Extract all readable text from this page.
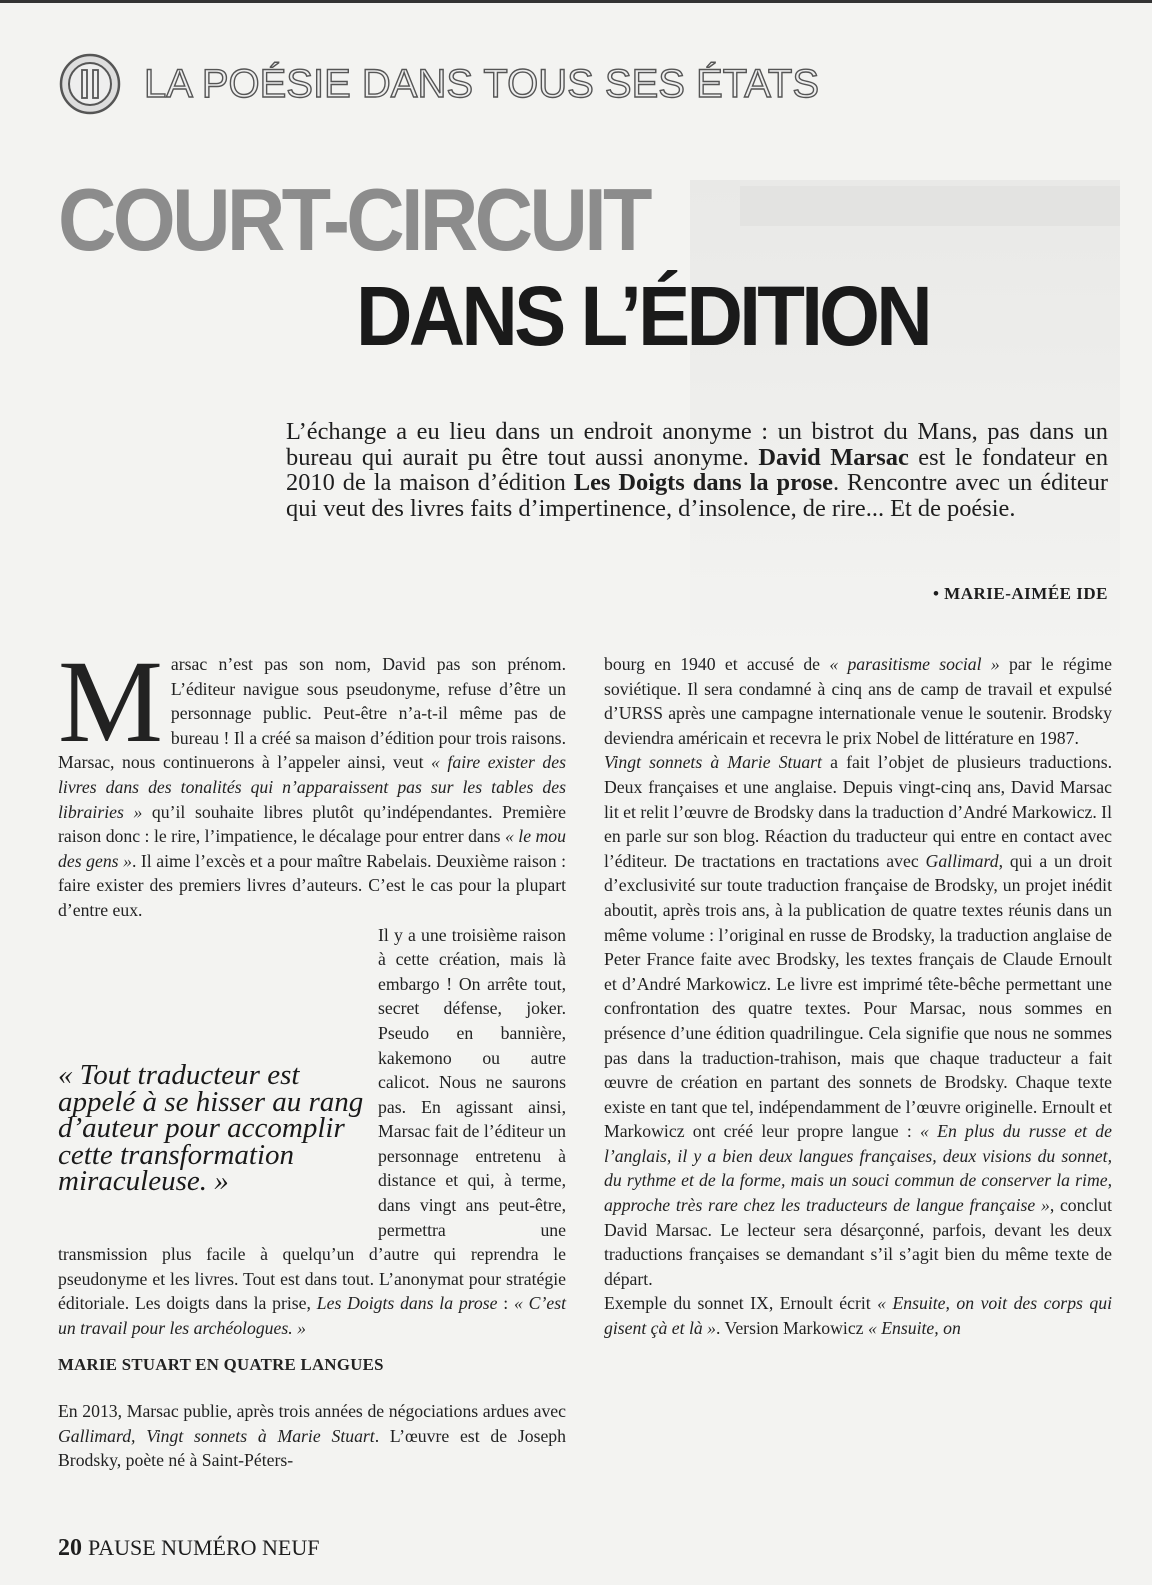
LA POÉSIE DANS TOUS SES ÉTATS
COURT-CIRCUIT
DANS L’ÉDITION
L’échange a eu lieu dans un endroit anonyme : un bistrot du Mans, pas dans un bureau qui aurait pu être tout aussi anonyme. David Marsac est le fondateur en 2010 de la maison d’édition Les Doigts dans la prose. Rencontre avec un éditeur qui veut des livres faits d’impertinence, d’insolence, de rire... Et de poésie.
• MARIE-AIMÉE IDE

Marsac n’est pas son nom, David pas son prénom. L’éditeur navigue sous pseudonyme, refuse d’être un personnage public. Peut-être n’a-t-il même pas de bureau ! Il a créé sa maison d’édition pour trois raisons. Marsac, nous continuerons à l’appeler ainsi, veut « faire exister des livres dans des tonalités qui n’apparaissent pas sur les tables des librairies » qu’il souhaite libres plutôt qu’indépendantes. Première raison donc : le rire, l’impatience, le décalage pour entrer dans « le mou des gens ». Il aime l’excès et a pour maître Rabelais. Deuxième raison : faire exister des premiers livres d’auteurs. C’est le cas pour la plupart d’entre eux.

Il y a une troisième raison à cette création, mais là embargo ! On arrête tout, secret défense, joker. Pseudo en bannière, kakemono ou autre calicot. Nous ne saurons pas. En agissant ainsi, Marsac fait de l’éditeur un personnage entretenu à distance et qui, à terme, dans vingt ans peut-être, permettra une transmission plus facile à quelqu’un d’autre qui reprendra le pseudonyme et les livres. Tout est dans tout. L’anonymat pour stratégie éditoriale. Les doigts dans la prise, Les Doigts dans la prose : « C’est un travail pour les archéologues. »

MARIE STUART EN QUATRE LANGUES

En 2013, Marsac publie, après trois années de négociations ardues avec Gallimard, Vingt sonnets à Marie Stuart. L’œuvre est de Joseph Brodsky, poète né à Saint-Péters-

« Tout traducteur est appelé à se hisser au rang d’auteur pour accomplir cette transformation miraculeuse. »

bourg en 1940 et accusé de « parasitisme social » par le régime soviétique. Il sera condamné à cinq ans de camp de travail et expulsé d’URSS après une campagne internationale venue le soutenir. Brodsky deviendra américain et recevra le prix Nobel de littérature en 1987.

Vingt sonnets à Marie Stuart a fait l’objet de plusieurs traductions. Deux françaises et une anglaise. Depuis vingt-cinq ans, David Marsac lit et relit l’œuvre de Brodsky dans la traduction d’André Markowicz. Il en parle sur son blog. Réaction du traducteur qui entre en contact avec l’éditeur. De tractations en tractations avec Gallimard, qui a un droit d’exclusivité sur toute traduction française de Brodsky, un projet inédit aboutit, après trois ans, à la publication de quatre textes réunis dans un même volume : l’original en russe de Brodsky, la traduction anglaise de Peter France faite avec Brodsky, les textes français de Claude Ernoult et d’André Markowicz. Le livre est imprimé tête-bêche permettant une confrontation des quatre textes. Pour Marsac, nous sommes en présence d’une édition quadrilingue. Cela signifie que nous ne sommes pas dans la traduction-trahison, mais que chaque traducteur a fait œuvre de création en partant des sonnets de Brodsky. Chaque texte existe en tant que tel, indépendamment de l’œuvre originelle. Ernoult et Markowicz ont créé leur propre langue : « En plus du russe et de l’anglais, il y a bien deux langues françaises, deux visions du sonnet, du rythme et de la forme, mais un souci commun de conserver la rime, approche très rare chez les traducteurs de langue française », conclut David Marsac. Le lecteur sera désarçonné, parfois, devant les deux traductions françaises se demandant s’il s’agit bien du même texte de départ.

Exemple du sonnet IX, Ernoult écrit « Ensuite, on voit des corps qui gisent çà et là ». Version Markowicz « Ensuite, on

20 PAUSE NUMÉRO NEUF
